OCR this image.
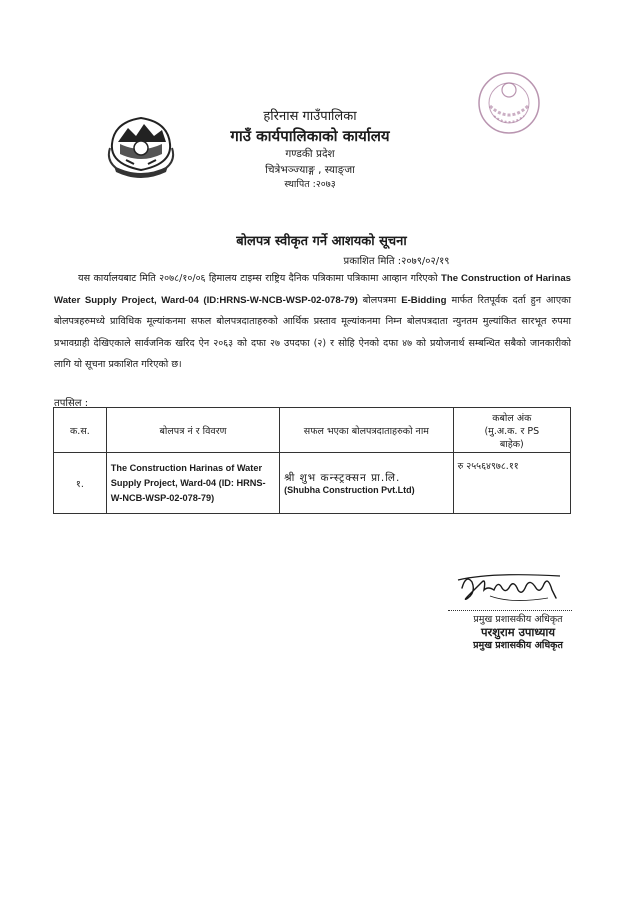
हरिनास गाउँपालिका
गाउँ कार्यपालिकाको कार्यालय
गण्डकी प्रदेश
चित्रेभञ्ज्याङ्ग , स्याङ्जा
स्थापित :२०७३
बोलपत्र स्वीकृत गर्ने आशयको सूचना
प्रकाशित मिति :२०७९/०२/१९
यस कार्यालयबाट मिति २०७८/१०/०६ हिमालय टाइम्स राष्ट्रिय दैनिक पत्रिकामा पत्रिकामा आव्हान गरिएको The Construction of Harinas Water Supply Project, Ward-04 (ID:HRNS-W-NCB-WSP-02-078-79) बोलपत्रमा E-Bidding मार्फत रितपूर्वक दर्ता हुन आएका बोलपत्रहरुमध्ये प्राविधिक मूल्यांकनमा सफल बोलपत्रदाताहरुको आर्थिक प्रस्ताव मूल्यांकनमा निम्न बोलपत्रदाता न्युनतम मुल्यांकित सारभूत रुपमा प्रभावग्राही देखिएकाले सार्वजनिक खरिद ऐन २०६३ को दफा २७ उपदफा (२) र सोहि ऐनको दफा ४७ को प्रयोजनार्थ सम्बन्धित सबैको जानकारीको लागि यो सूचना प्रकाशित गरिएको छ।
तपसिल :
क.स.	बोलपत्र नं र विवरण	सफल भएका बोलपत्रदाताहरुको नाम	कबोल अंक
(मु.अ.क. र PS
बाहेक)

१.	The Construction Harinas of Water Supply Project, Ward-04 (ID: HRNS-W-NCB-WSP-02-078-79)	श्री शुभ कन्स्ट्रक्सन प्रा.लि.
(Shubha Construction Pvt.Ltd)	रु २५५६४९७८.११
प्रमुख प्रशासकीय अधिकृत
परशुराम उपाध्याय
प्रमुख प्रशासकीय अधिकृत
